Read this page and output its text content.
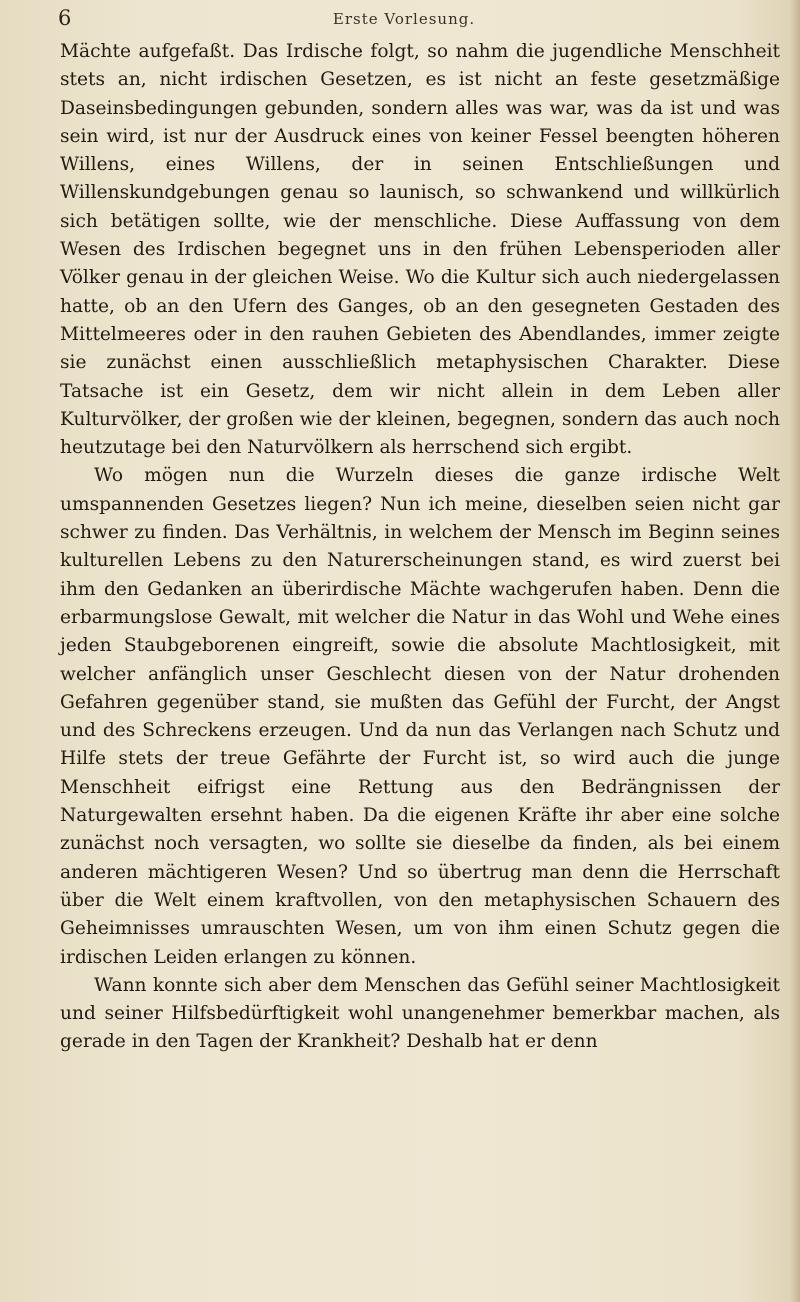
6	Erste Vorlesung.

Mächte aufgefaßt. Das Irdische folgt, so nahm die jugendliche Menschheit stets an, nicht irdischen Gesetzen, es ist nicht an feste gesetzmäßige Daseinsbedingungen gebunden, sondern alles was war, was da ist und was sein wird, ist nur der Ausdruck eines von keiner Fessel beengten höheren Willens, eines Willens, der in seinen Entschließungen und Willenskundgebungen genau so launisch, so schwankend und willkürlich sich betätigen sollte, wie der menschliche. Diese Auffassung von dem Wesen des Irdischen begegnet uns in den frühen Lebensperioden aller Völker genau in der gleichen Weise. Wo die Kultur sich auch niedergelassen hatte, ob an den Ufern des Ganges, ob an den gesegneten Gestaden des Mittelmeeres oder in den rauhen Gebieten des Abendlandes, immer zeigte sie zunächst einen ausschließlich metaphysischen Charakter. Diese Tatsache ist ein Gesetz, dem wir nicht allein in dem Leben aller Kulturvölker, der großen wie der kleinen, begegnen, sondern das auch noch heutzutage bei den Naturvölkern als herrschend sich ergibt.

Wo mögen nun die Wurzeln dieses die ganze irdische Welt umspannenden Gesetzes liegen? Nun ich meine, dieselben seien nicht gar schwer zu finden. Das Verhältnis, in welchem der Mensch im Beginn seines kulturellen Lebens zu den Naturerscheinungen stand, es wird zuerst bei ihm den Gedanken an überirdische Mächte wachgerufen haben. Denn die erbarmungslose Gewalt, mit welcher die Natur in das Wohl und Wehe eines jeden Staubgeborenen eingreift, sowie die absolute Machtlosigkeit, mit welcher anfänglich unser Geschlecht diesen von der Natur drohenden Gefahren gegenüber stand, sie mußten das Gefühl der Furcht, der Angst und des Schreckens erzeugen. Und da nun das Verlangen nach Schutz und Hilfe stets der treue Gefährte der Furcht ist, so wird auch die junge Menschheit eifrigst eine Rettung aus den Bedrängnissen der Naturgewalten ersehnt haben. Da die eigenen Kräfte ihr aber eine solche zunächst noch versagten, wo sollte sie dieselbe da finden, als bei einem anderen mächtigeren Wesen? Und so übertrug man denn die Herrschaft über die Welt einem kraftvollen, von den metaphysischen Schauern des Geheimnisses umrauschten Wesen, um von ihm einen Schutz gegen die irdischen Leiden erlangen zu können.

Wann konnte sich aber dem Menschen das Gefühl seiner Machtlosigkeit und seiner Hilfsbedürftigkeit wohl unangenehmer bemerkbar machen, als gerade in den Tagen der Krankheit? Deshalb hat er denn
